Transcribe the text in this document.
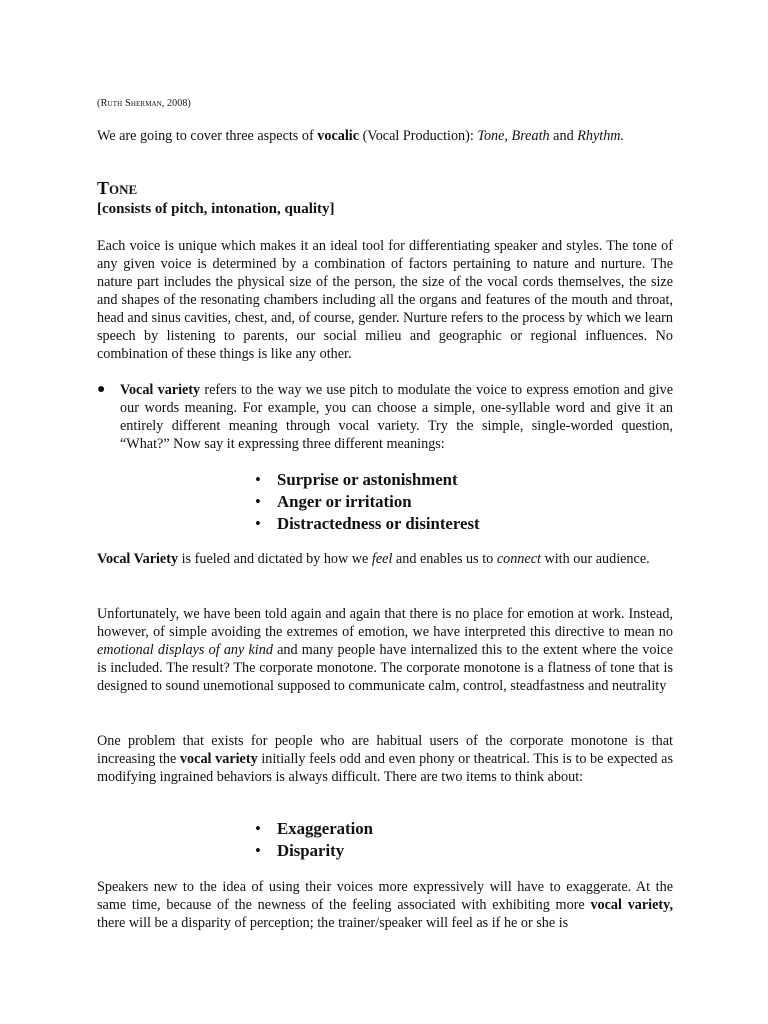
(Ruth Sherman, 2008)

We are going to cover three aspects of vocalic (Vocal Production): Tone, Breath and Rhythm.

Tone

[consists of pitch, intonation, quality]

Each voice is unique which makes it an ideal tool for differentiating speaker and styles. The tone of any given voice is determined by a combination of factors pertaining to nature and nurture. The nature part includes the physical size of the person, the size of the vocal cords themselves, the size and shapes of the resonating chambers including all the organs and features of the mouth and throat, head and sinus cavities, chest, and, of course, gender. Nurture refers to the process by which we learn speech by listening to parents, our social milieu and geographic or regional influences. No combination of these things is like any other.

● Vocal variety refers to the way we use pitch to modulate the voice to express emotion and give our words meaning. For example, you can choose a simple, one-syllable word and give it an entirely different meaning through vocal variety. Try the simple, single-worded question, “What?” Now say it expressing three different meanings:

• Surprise or astonishment
• Anger or irritation
• Distractedness or disinterest

Vocal Variety is fueled and dictated by how we feel and enables us to connect with our audience.

Unfortunately, we have been told again and again that there is no place for emotion at work. Instead, however, of simple avoiding the extremes of emotion, we have interpreted this directive to mean no emotional displays of any kind and many people have internalized this to the extent where the voice is included. The result? The corporate monotone. The corporate monotone is a flatness of tone that is designed to sound unemotional supposed to communicate calm, control, steadfastness and neutrality

One problem that exists for people who are habitual users of the corporate monotone is that increasing the vocal variety initially feels odd and even phony or theatrical. This is to be expected as modifying ingrained behaviors is always difficult. There are two items to think about:

• Exaggeration
• Disparity

Speakers new to the idea of using their voices more expressively will have to exaggerate. At the same time, because of the newness of the feeling associated with exhibiting more vocal variety, there will be a disparity of perception; the trainer/speaker will feel as if he or she is
